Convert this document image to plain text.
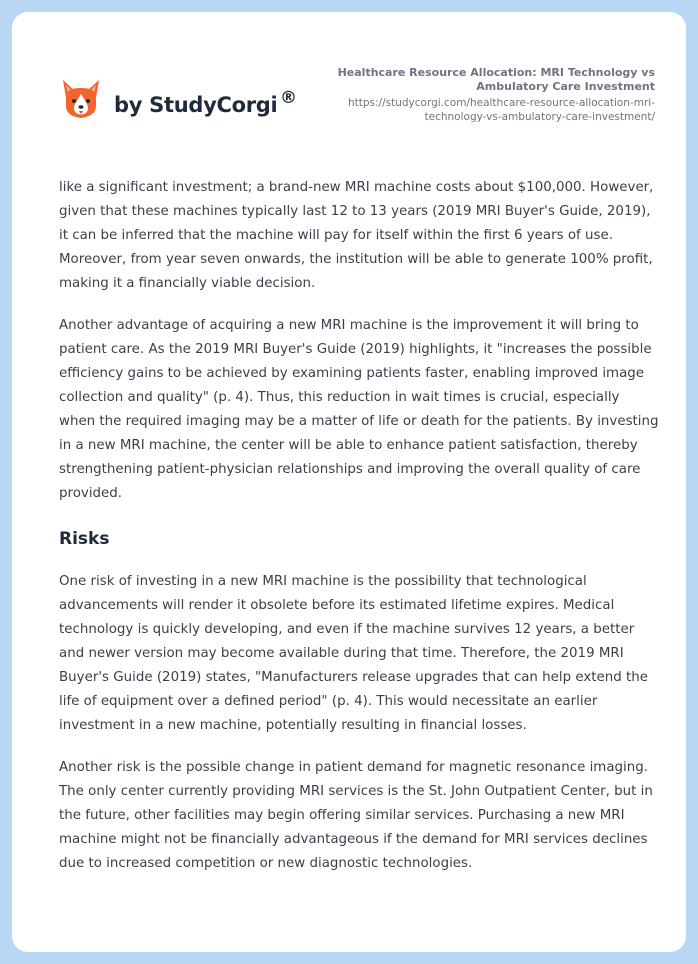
by StudyCorgi ®
Healthcare Resource Allocation: MRI Technology vs Ambulatory Care Investment
https://studycorgi.com/healthcare-resource-allocation-mri-technology-vs-ambulatory-care-investment/

like a significant investment; a brand-new MRI machine costs about $100,000. However, given that these machines typically last 12 to 13 years (2019 MRI Buyer's Guide, 2019), it can be inferred that the machine will pay for itself within the first 6 years of use. Moreover, from year seven onwards, the institution will be able to generate 100% profit, making it a financially viable decision.

Another advantage of acquiring a new MRI machine is the improvement it will bring to patient care. As the 2019 MRI Buyer's Guide (2019) highlights, it "increases the possible efficiency gains to be achieved by examining patients faster, enabling improved image collection and quality" (p. 4). Thus, this reduction in wait times is crucial, especially when the required imaging may be a matter of life or death for the patients. By investing in a new MRI machine, the center will be able to enhance patient satisfaction, thereby strengthening patient-physician relationships and improving the overall quality of care provided.

Risks

One risk of investing in a new MRI machine is the possibility that technological advancements will render it obsolete before its estimated lifetime expires. Medical technology is quickly developing, and even if the machine survives 12 years, a better and newer version may become available during that time. Therefore, the 2019 MRI Buyer's Guide (2019) states, "Manufacturers release upgrades that can help extend the life of equipment over a defined period" (p. 4). This would necessitate an earlier investment in a new machine, potentially resulting in financial losses.

Another risk is the possible change in patient demand for magnetic resonance imaging. The only center currently providing MRI services is the St. John Outpatient Center, but in the future, other facilities may begin offering similar services. Purchasing a new MRI machine might not be financially advantageous if the demand for MRI services declines due to increased competition or new diagnostic technologies.
